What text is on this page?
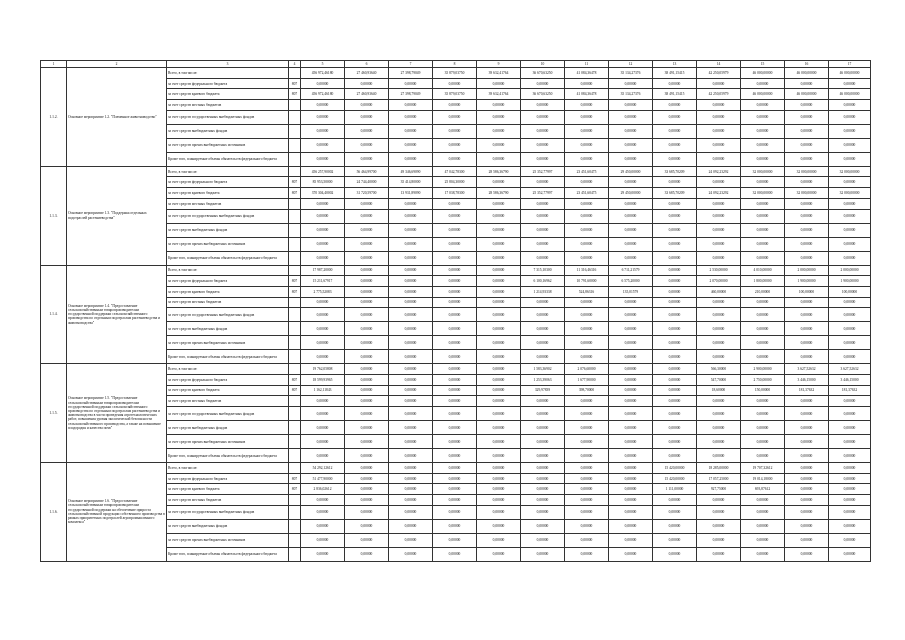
1	2	3	4	5	6	7	8	9	10	11	12	13	14	15	16	17
1.1.2.	Основное мероприятие 1.2. "Племенное животноводство"	Всего, в том числе:		456 972,46180	27 460,93640	27 398,79049	35 879,03750	39 632,41764	36 670,63250	41 084,36478	35 134,27376	38 491,15415	42 250,05979	46 000,00000	46 000,00000	46 000,00000
		за счет средств федерального бюджета	807	0,00000	0,00000	0,00000	0,00000	0,00000	0,00000	0,00000	0,00000	0,00000	0,00000	0,00000	0,00000	0,00000
		за счет средств краевого бюджета	807	456 972,46180	27 460,93640	27 398,79049	35 879,03750	39 632,41764	36 670,63250	41 084,36478	35 134,27376	38 491,15415	42 250,05979	46 000,00000	46 000,00000	46 000,00000
		за счет средств местных бюджетов		0,00000	0,00000	0,00000	0,00000	0,00000	0,00000	0,00000	0,00000	0,00000	0,00000	0,00000	0,00000	0,00000
		за счет средств государственных внебюджетных фондов		0,00000	0,00000	0,00000	0,00000	0,00000	0,00000	0,00000	0,00000	0,00000	0,00000	0,00000	0,00000	0,00000
		за счет средств внебюджетных фондов		0,00000	0,00000	0,00000	0,00000	0,00000	0,00000	0,00000	0,00000	0,00000	0,00000	0,00000	0,00000	0,00000
		за счет средств прочих внебюджетных источников		0,00000	0,00000	0,00000	0,00000	0,00000	0,00000	0,00000	0,00000	0,00000	0,00000	0,00000	0,00000	0,00000
		Кроме того, планируемые объемы обязательств федерального бюджета		0,00000	0,00000	0,00000	0,00000	0,00000	0,00000	0,00000	0,00000	0,00000	0,00000	0,00000	0,00000	0,00000
1.1.3.	Основное мероприятие 1.3. "Поддержка отдельных подотраслей растениеводства"	Всего, в том числе:		456 257,90002	56 464,99700	49 346,69090	47 042,78300	28 586,36790	25 352,77997	23 451,60475	29 450,00000	33 685,70209	24 092,23292	32 000,00000	32 000,00000	32 000,00000
		за счет средств федерального бюджета	807	85 953,50000	24 744,40000	35 414,80000	25 804,30000	0,00000	0,00000	0,00000	0,00000	0,00000	0,00000	0,00000	0,00000	0,00000
		за счет средств краевого бюджета	807	370 304,40002	31 720,59700	13 931,89090	17 038,78300	28 586,36790	25 352,77997	23 451,60475	29 450,00000	33 685,70209	24 092,23292	32 000,00000	32 000,00000	32 000,00000
		за счет средств местных бюджетов		0,00000	0,00000	0,00000	0,00000	0,00000	0,00000	0,00000	0,00000	0,00000	0,00000	0,00000	0,00000	0,00000
		за счет средств государственных внебюджетных фондов		0,00000	0,00000	0,00000	0,00000	0,00000	0,00000	0,00000	0,00000	0,00000	0,00000	0,00000	0,00000	0,00000
		за счет средств внебюджетных фондов		0,00000	0,00000	0,00000	0,00000	0,00000	0,00000	0,00000	0,00000	0,00000	0,00000	0,00000	0,00000	0,00000
		за счет средств прочих внебюджетных источников		0,00000	0,00000	0,00000	0,00000	0,00000	0,00000	0,00000	0,00000	0,00000	0,00000	0,00000	0,00000	0,00000
		Кроме того, планируемые объемы обязательств федерального бюджета		0,00000	0,00000	0,00000	0,00000	0,00000	0,00000	0,00000	0,00000	0,00000	0,00000	0,00000	0,00000	0,00000
1.1.4.	Основное мероприятие 1.4. "Предоставление сельскохозяйственным товаропроизводителям государственной поддержки сельскохозяйственного производства по отдельным подотраслям растениеводства и животноводства"	Всего, в том числе:		17 987,20000	0,00000	0,00000	0,00000	0,00000	7 315,10300	11 316,46316	6 711,21579	0,00000	2 530,00000	4 010,00000	2 000,00000	2 000,00000
		за счет средств федерального бюджета	807	15 211,67917	0,00000	0,00000	0,00000	0,00000	6 100,16962	10 791,60000	6 575,20000	0,00000	2 070,00000	1 800,00000	1 900,00000	1 900,00000
		за счет средств краевого бюджета	807	2 775,52083	0,00000	0,00000	0,00000	0,00000	1 214,93338	524,86316	135,01579	0,00000	460,00000	210,00000	100,00000	100,00000
		за счет средств местных бюджетов		0,00000	0,00000	0,00000	0,00000	0,00000	0,00000	0,00000	0,00000	0,00000	0,00000	0,00000	0,00000	0,00000
		за счет средств государственных внебюджетных фондов		0,00000	0,00000	0,00000	0,00000	0,00000	0,00000	0,00000	0,00000	0,00000	0,00000	0,00000	0,00000	0,00000
		за счет средств внебюджетных фондов		0,00000	0,00000	0,00000	0,00000	0,00000	0,00000	0,00000	0,00000	0,00000	0,00000	0,00000	0,00000	0,00000
		за счет средств прочих внебюджетных источников		0,00000	0,00000	0,00000	0,00000	0,00000	0,00000	0,00000	0,00000	0,00000	0,00000	0,00000	0,00000	0,00000
		Кроме того, планируемые объемы обязательств федерального бюджета		0,00000	0,00000	0,00000	0,00000	0,00000	0,00000	0,00000	0,00000	0,00000	0,00000	0,00000	0,00000	0,00000
1.1.5.	Основное мероприятие 1.5. "Предоставление сельскохозяйственным товаропроизводителям государственной поддержки сельскохозяйственного производства по отдельным подотраслям растениеводства и животноводства в части проведения агротехнологических работ, повышения уровня экологической безопасности сельскохозяйственного производства, а также на повышение плодородия и качества почв"	Всего, в том числе:		19 762,05808	0,00000	0,00000	0,00000	0,00000	1 583,36902	2 076,60000	0,00000	0,00000	566,30000	2 900,00000	3 627,52632	3 627,52632
		за счет средств федерального бюджета	807	18 599,93965	0,00000	0,00000	0,00000	0,00000	1 253,39063	1 677,90000	0,00000	0,00000	547,70000	2 750,00000	3 446,15000	3 446,15000
		за счет средств краевого бюджета	807	1 162,11843	0,00000	0,00000	0,00000	0,00000	329,97839	398,70000	0,00000	0,00000	18,60000	150,00000	181,37632	181,37632
		за счет средств местных бюджетов		0,00000	0,00000	0,00000	0,00000	0,00000	0,00000	0,00000	0,00000	0,00000	0,00000	0,00000	0,00000	0,00000
		за счет средств государственных внебюджетных фондов		0,00000	0,00000	0,00000	0,00000	0,00000	0,00000	0,00000	0,00000	0,00000	0,00000	0,00000	0,00000	0,00000
		за счет средств внебюджетных фондов		0,00000	0,00000	0,00000	0,00000	0,00000	0,00000	0,00000	0,00000	0,00000	0,00000	0,00000	0,00000	0,00000
		за счет средств прочих внебюджетных источников		0,00000	0,00000	0,00000	0,00000	0,00000	0,00000	0,00000	0,00000	0,00000	0,00000	0,00000	0,00000	0,00000
		Кроме того, планируемые объемы обязательств федерального бюджета		0,00000	0,00000	0,00000	0,00000	0,00000	0,00000	0,00000	0,00000	0,00000	0,00000	0,00000	0,00000	0,00000
1.1.6.	Основное мероприятие 1.6. "Предоставление сельскохозяйственным товаропроизводителям государственной поддержки на обеспечение прироста сельскохозяйственной продукции собственного производства в рамках приоритетных подотраслей агропромышленного комплекса"	Всего, в том числе:		54 292,12612	0,00000	0,00000	0,00000	0,00000	0,00000	0,00000	0,00000	15 420,00000	18 285,00000	19 707,32612	0,00000	0,00000
		за счет средств федерального бюджета	807	51 477,90000	0,00000	0,00000	0,00000	0,00000	0,00000	0,00000	0,00000	15 420,00000	17 057,25000	19 014,18000	0,00000	0,00000
		за счет средств краевого бюджета	807	2 836,02612	0,00000	0,00000	0,00000	0,00000	0,00000	0,00000	0,00000	1 111,00000	927,75000	693,87612	0,00000	0,00000
		за счет средств местных бюджетов		0,00000	0,00000	0,00000	0,00000	0,00000	0,00000	0,00000	0,00000	0,00000	0,00000	0,00000	0,00000	0,00000
		за счет средств государственных внебюджетных фондов		0,00000	0,00000	0,00000	0,00000	0,00000	0,00000	0,00000	0,00000	0,00000	0,00000	0,00000	0,00000	0,00000
		за счет средств внебюджетных фондов		0,00000	0,00000	0,00000	0,00000	0,00000	0,00000	0,00000	0,00000	0,00000	0,00000	0,00000	0,00000	0,00000
		за счет средств прочих внебюджетных источников		0,00000	0,00000	0,00000	0,00000	0,00000	0,00000	0,00000	0,00000	0,00000	0,00000	0,00000	0,00000	0,00000
		Кроме того, планируемые объемы обязательств федерального бюджета		0,00000	0,00000	0,00000	0,00000	0,00000	0,00000	0,00000	0,00000	0,00000	0,00000	0,00000	0,00000	0,00000
